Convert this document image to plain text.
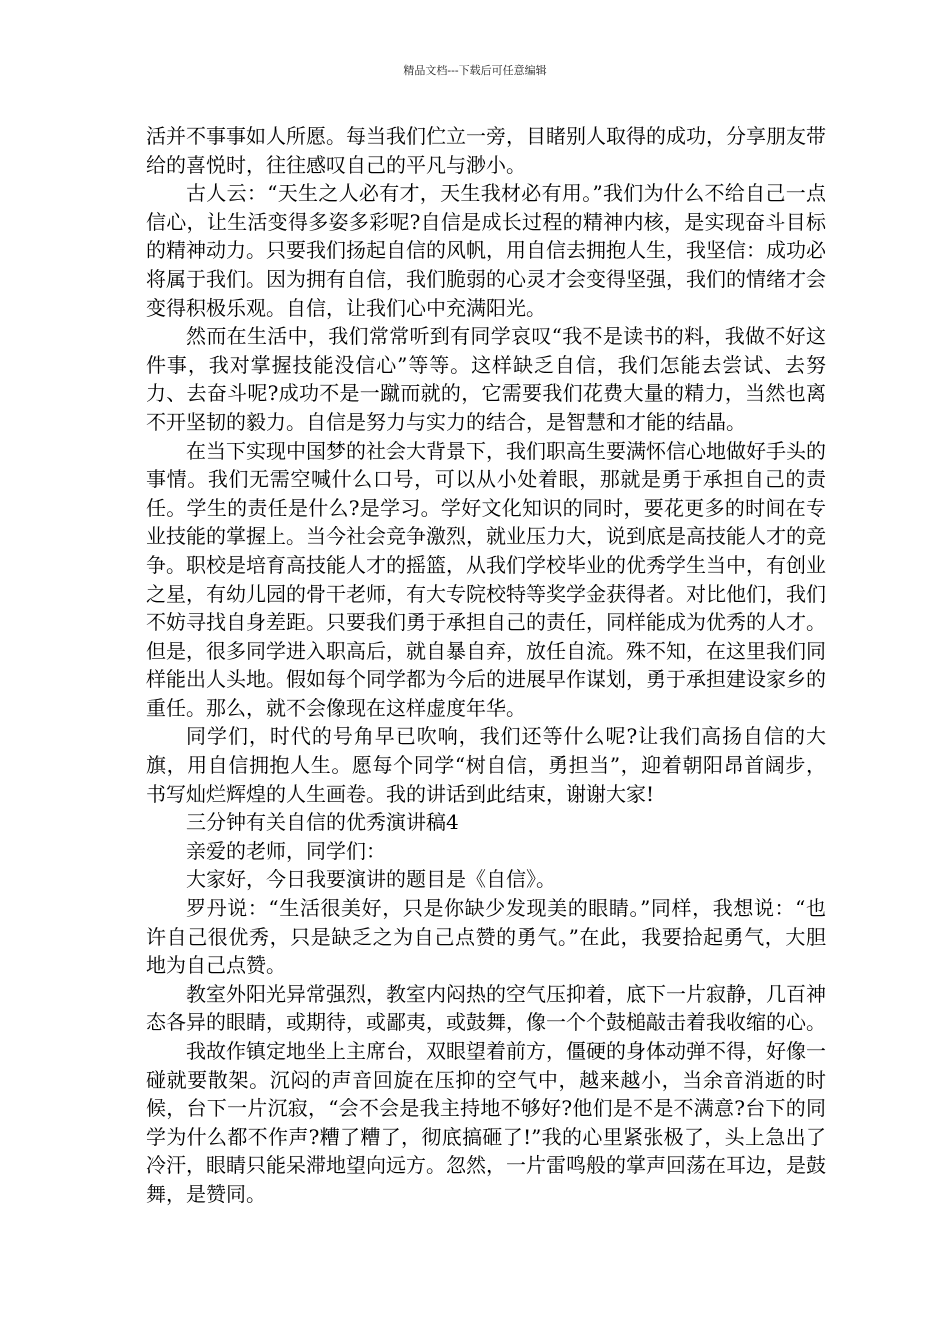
精品文档---下载后可任意编辑

活并不事事如人所愿。每当我们伫立一旁，目睹别人取得的成功，分享朋友带给的喜悦时，往往感叹自己的平凡与渺小。

古人云：“天生之人必有才，天生我材必有用。”我们为什么不给自己一点信心，让生活变得多姿多彩呢?自信是成长过程的精神内核，是实现奋斗目标的精神动力。只要我们扬起自信的风帆，用自信去拥抱人生，我坚信：成功必将属于我们。因为拥有自信，我们脆弱的心灵才会变得坚强，我们的情绪才会变得积极乐观。自信，让我们心中充满阳光。

然而在生活中，我们常常听到有同学哀叹“我不是读书的料，我做不好这件事，我对掌握技能没信心”等等。这样缺乏自信，我们怎能去尝试、去努力、去奋斗呢?成功不是一蹴而就的，它需要我们花费大量的精力，当然也离不开坚韧的毅力。自信是努力与实力的结合，是智慧和才能的结晶。

在当下实现中国梦的社会大背景下，我们职高生要满怀信心地做好手头的事情。我们无需空喊什么口号，可以从小处着眼，那就是勇于承担自己的责任。学生的责任是什么?是学习。学好文化知识的同时，要花更多的时间在专业技能的掌握上。当今社会竞争激烈，就业压力大，说到底是高技能人才的竞争。职校是培育高技能人才的摇篮，从我们学校毕业的优秀学生当中，有创业之星，有幼儿园的骨干老师，有大专院校特等奖学金获得者。对比他们，我们不妨寻找自身差距。只要我们勇于承担自己的责任，同样能成为优秀的人才。但是，很多同学进入职高后，就自暴自弃，放任自流。殊不知，在这里我们同样能出人头地。假如每个同学都为今后的进展早作谋划，勇于承担建设家乡的重任。那么，就不会像现在这样虚度年华。

同学们，时代的号角早已吹响，我们还等什么呢?让我们高扬自信的大旗，用自信拥抱人生。愿每个同学“树自信，勇担当”，迎着朝阳昂首阔步，书写灿烂辉煌的人生画卷。我的讲话到此结束，谢谢大家!

三分钟有关自信的优秀演讲稿4

亲爱的老师，同学们：

大家好，今日我要演讲的题目是《自信》。

罗丹说：“生活很美好，只是你缺少发现美的眼睛。”同样，我想说：“也许自己很优秀，只是缺乏之为自己点赞的勇气。”在此，我要拾起勇气，大胆地为自己点赞。

教室外阳光异常强烈，教室内闷热的空气压抑着，底下一片寂静，几百神态各异的眼睛，或期待，或鄙夷，或鼓舞，像一个个鼓槌敲击着我收缩的心。

我故作镇定地坐上主席台，双眼望着前方，僵硬的身体动弹不得，好像一碰就要散架。沉闷的声音回旋在压抑的空气中，越来越小，当余音消逝的时候，台下一片沉寂，“会不会是我主持地不够好?他们是不是不满意?台下的同学为什么都不作声?糟了糟了，彻底搞砸了!”我的心里紧张极了，头上急出了冷汗，眼睛只能呆滞地望向远方。忽然，一片雷鸣般的掌声回荡在耳边，是鼓舞，是赞同。
